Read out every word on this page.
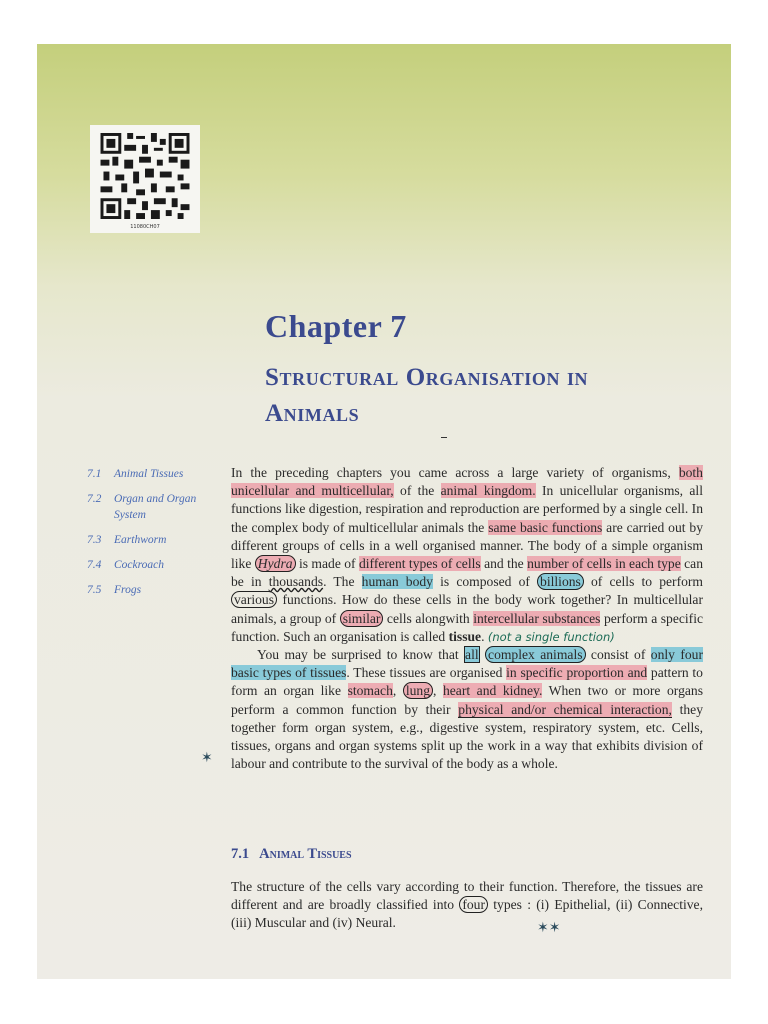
11080CH07
Chapter 7
Structural Organisation in Animals
7.1	Animal Tissues
7.2	Organ and Organ System
7.3	Earthworm
7.4	Cockroach
7.5	Frogs

In the preceding chapters you came across a large variety of organisms, both unicellular and multicellular, of the animal kingdom. In unicellular organisms, all functions like digestion, respiration and reproduction are performed by a single cell. In the complex body of multicellular animals the same basic functions are carried out by different groups of cells in a well organised manner. The body of a simple organism like Hydra is made of different types of cells and the number of cells in each type can be in thousands. The human body is composed of billions of cells to perform various functions. How do these cells in the body work together? In multicellular animals, a group of similar cells alongwith intercellular substances perform a specific function. Such an organisation is called tissue. (not a single function)

You may be surprised to know that all complex animals consist of only four basic types of tissues. These tissues are organised in specific proportion and pattern to form an organ like stomach, lung , heart and kidney. When two or more organs perform a common function by their physical and/or chemical interaction, they together form organ system, e.g., digestive system, respiratory system, etc. Cells, tissues, organs and organ systems split up the work in a way that exhibits division of labour and contribute to the survival of the body as a whole.

7.1 Animal Tissues
The structure of the cells vary according to their function. Therefore, the tissues are different and are broadly classified into four types : (i) Epithelial, (ii) Connective, (iii) Muscular and (iv) Neural.
✶
✶✶
